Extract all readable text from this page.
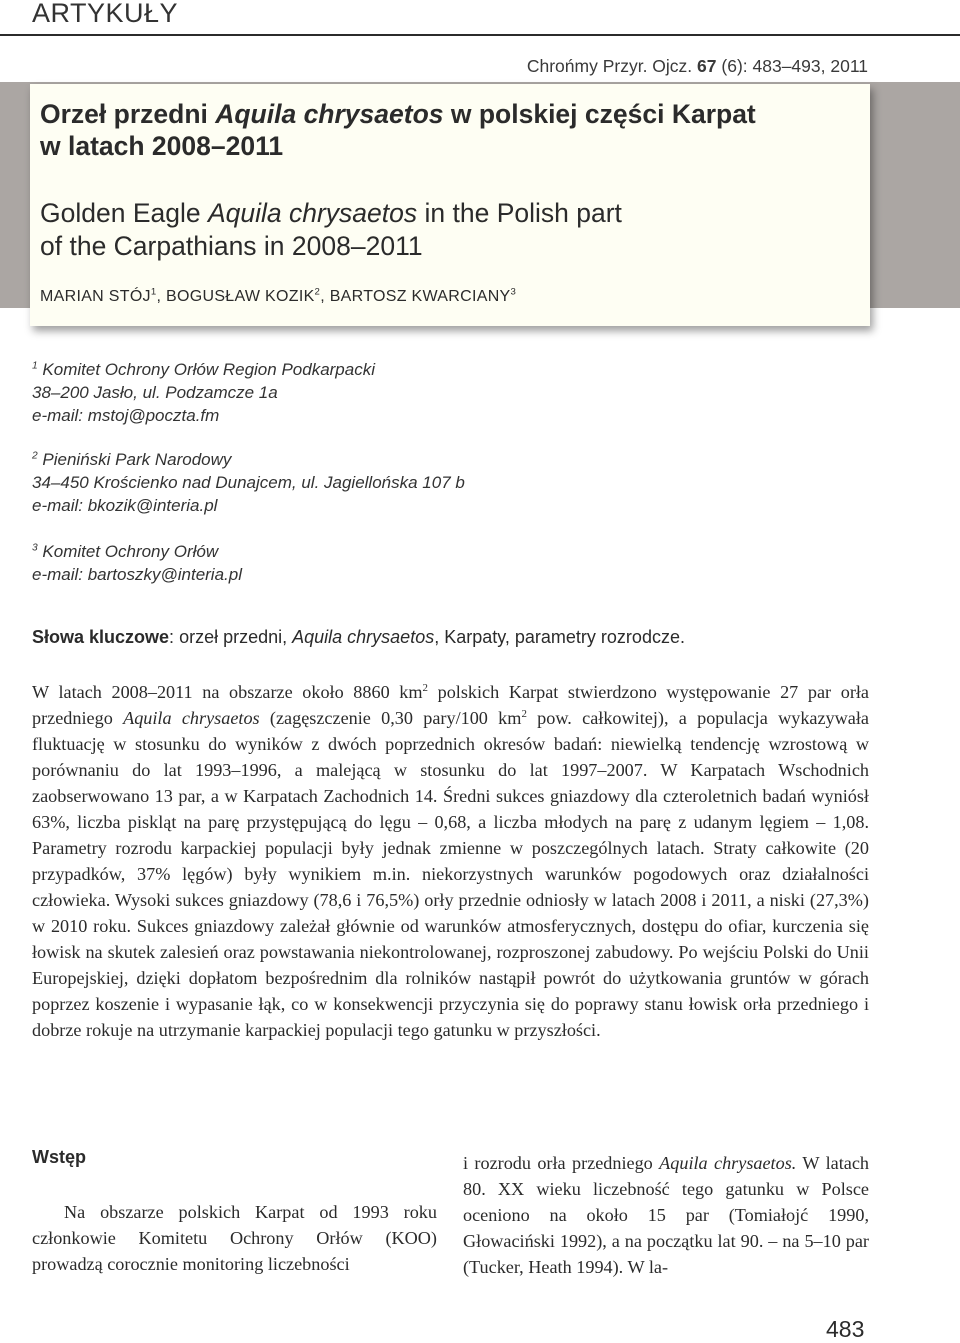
ARTYKUŁY
Chrońmy Przyr. Ojcz. 67 (6): 483–493, 2011
Orzeł przedni Aquila chrysaetos w polskiej części Karpat
w latach 2008–2011
Golden Eagle Aquila chrysaetos in the Polish part
of the Carpathians in 2008–2011
MARIAN STÓJ$^1$, BOGUSŁAW KOZIK$^2$, BARTOSZ KWARCIANY$^3$
$^1$ Komitet Ochrony Orłów Region Podkarpacki
38–200 Jasło, ul. Podzamcze 1a
e-mail: mstoj@poczta.fm
$^2$ Pieniński Park Narodowy
34–450 Krościenko nad Dunajcem, ul. Jagiellońska 107 b
e-mail: bkozik@interia.pl
$^3$ Komitet Ochrony Orłów
e-mail: bartoszky@interia.pl
Słowa kluczowe: orzeł przedni, Aquila chrysaetos, Karpaty, parametry rozrodcze.
W latach 2008–2011 na obszarze około 8860 $km^2$ polskich Karpat stwierdzono występowanie 27 par orła przedniego Aquila chrysaetos (zagęszczenie 0,30 pary/100 $km^2$ pow. całkowitej), a populacja wykazywała fluktuację w stosunku do wyników z dwóch poprzednich okresów badań: niewielką tendencję wzrostową w porównaniu do lat 1993–1996, a malejącą w stosunku do lat 1997–2007. W Karpatach Wschodnich zaobserwowano 13 par, a w Karpatach Zachodnich 14. Średni sukces gniazdowy dla czteroletnich badań wyniósł 63%, liczba piskląt na parę przystępującą do lęgu – 0,68, a liczba młodych na parę z udanym lęgiem – 1,08. Parametry rozrodu karpackiej populacji były jednak zmienne w poszczególnych latach. Straty całkowite (20 przypadków, 37% lęgów) były wynikiem m.in. niekorzystnych warunków pogodowych oraz działalności człowieka. Wysoki sukces gniazdowy (78,6 i 76,5%) orły przednie odniosły w latach 2008 i 2011, a niski (27,3%) w 2010 roku. Sukces gniazdowy zależał głównie od warunków atmosferycznych, dostępu do ofiar, kurczenia się łowisk na skutek zalesień oraz powstawania niekontrolowanej, rozproszonej zabudowy. Po wejściu Polski do Unii Europejskiej, dzięki dopłatom bezpośrednim dla rolników nastąpił powrót do użytkowania gruntów w górach poprzez koszenie i wypasanie łąk, co w konsekwencji przyczynia się do poprawy stanu łowisk orła przedniego i dobrze rokuje na utrzymanie karpackiej populacji tego gatunku w przyszłości.
Wstęp
Na obszarze polskich Karpat od 1993 roku członkowie Komitetu Ochrony Orłów (KOO) prowadzą corocznie monitoring liczebności
i rozrodu orła przedniego Aquila chrysaetos. W latach 80. XX wieku liczebność tego gatunku w Polsce oceniono na około 15 par (Tomiałojć 1990, Głowaciński 1992), a na początku lat 90. – na 5–10 par (Tucker, Heath 1994). W la-
483
